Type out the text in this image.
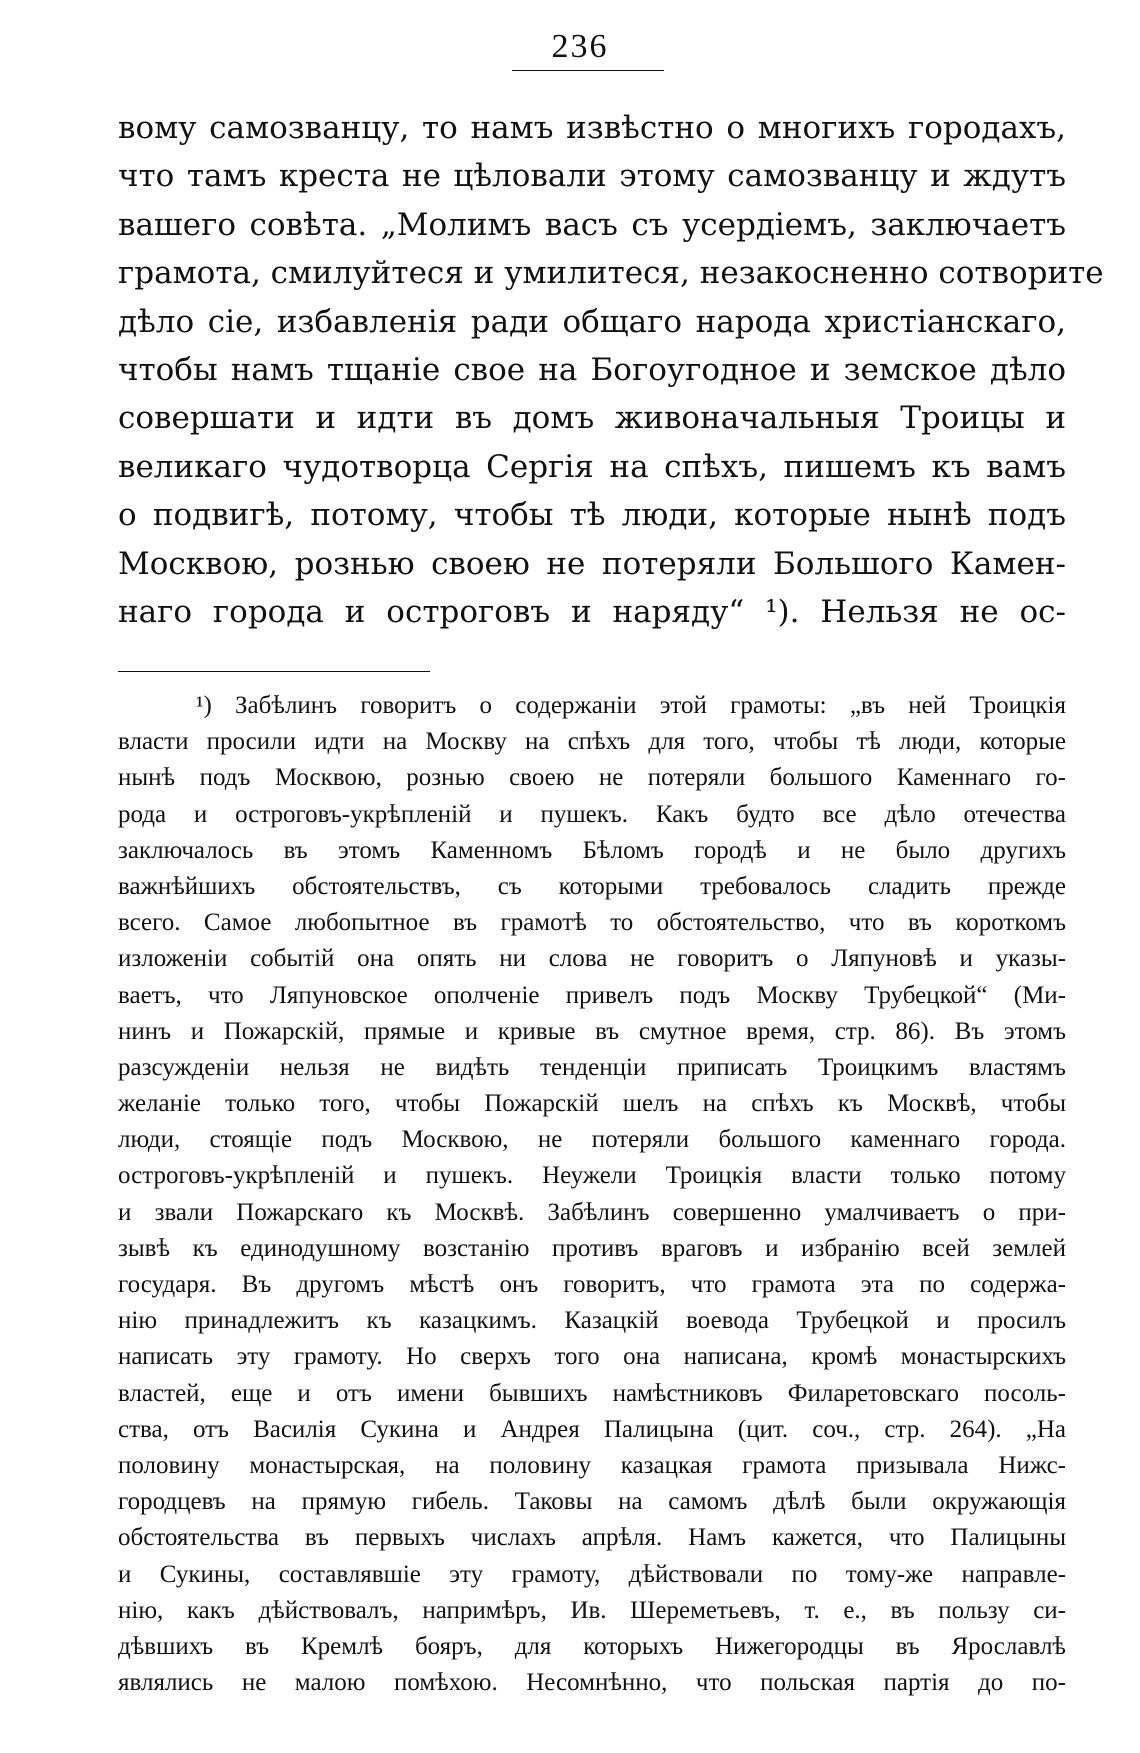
236
вому самозванцу, то намъ извѣстно о многихъ городахъ,
что тамъ креста не цѣловали этому самозванцу и ждутъ
вашего совѣта. „Молимъ васъ съ усердіемъ, заключаетъ
грамота, смилуйтеся и умилитеся, незакосненно сотворите
дѣло сіе, избавленія ради общаго народа христіанскаго,
чтобы намъ тщаніе свое на Богоугодное и земское дѣло
совершати и идти въ домъ живоначальныя Троицы и
великаго чудотворца Сергія на спѣхъ, пишемъ къ вамъ
о подвигѣ, потому, чтобы тѣ люди, которые нынѣ подъ
Москвою, рознью своею не потеряли Большого Камен-
наго города и остроговъ и наряду“ ¹). Нельзя не ос-
¹) Забѣлинъ говоритъ о содержаніи этой грамоты: „въ ней Троицкія
власти просили идти на Москву на спѣхъ для того, чтобы тѣ люди, которые
нынѣ подъ Москвою, рознью своею не потеряли большого Каменнаго го-
рода и остроговъ-укрѣпленій и пушекъ. Какъ будто все дѣло отечества
заключалось въ этомъ Каменномъ Бѣломъ городѣ и не было другихъ
важнѣйшихъ обстоятельствъ, съ которыми требовалось сладить прежде
всего. Самое любопытное въ грамотѣ то обстоятельство, что въ короткомъ
изложеніи событій она опять ни слова не говоритъ о Ляпуновѣ и указы-
ваетъ, что Ляпуновское ополченіе привелъ подъ Москву Трубецкой“ (Ми-
нинъ и Пожарскій, прямые и кривые въ смутное время, стр. 86). Въ этомъ
разсужденіи нельзя не видѣть тенденціи приписать Троицкимъ властямъ
желаніе только того, чтобы Пожарскій шелъ на спѣхъ къ Москвѣ, чтобы
люди, стоящіе подъ Москвою, не потеряли большого каменнаго города.
остроговъ-укрѣпленій и пушекъ. Неужели Троицкія власти только потому
и звали Пожарскаго къ Москвѣ. Забѣлинъ совершенно умалчиваетъ о при-
зывѣ къ единодушному возстанію противъ враговъ и избранію всей землей
государя. Въ другомъ мѣстѣ онъ говоритъ, что грамота эта по содержа-
нію принадлежитъ къ казацкимъ. Казацкій воевода Трубецкой и просилъ
написать эту грамоту. Но сверхъ того она написана, кромѣ монастырскихъ
властей, еще и отъ имени бывшихъ намѣстниковъ Филаретовскаго посоль-
ства, отъ Василія Сукина и Андрея Палицына (цит. соч., стр. 264). „На
половину монастырская, на половину казацкая грамота призывала Нижс-
городцевъ на прямую гибель. Таковы на самомъ дѣлѣ были окружающія
обстоятельства въ первыхъ числахъ апрѣля. Намъ кажется, что Палицыны
и Сукины, составлявшіе эту грамоту, дѣйствовали по тому-же направле-
нію, какъ дѣйствовалъ, напримѣръ, Ив. Шереметьевъ, т. е., въ пользу си-
дѣвшихъ въ Кремлѣ бояръ, для которыхъ Нижегородцы въ Ярославлѣ
являлись не малою помѣхою. Несомнѣнно, что польская партія до по-
